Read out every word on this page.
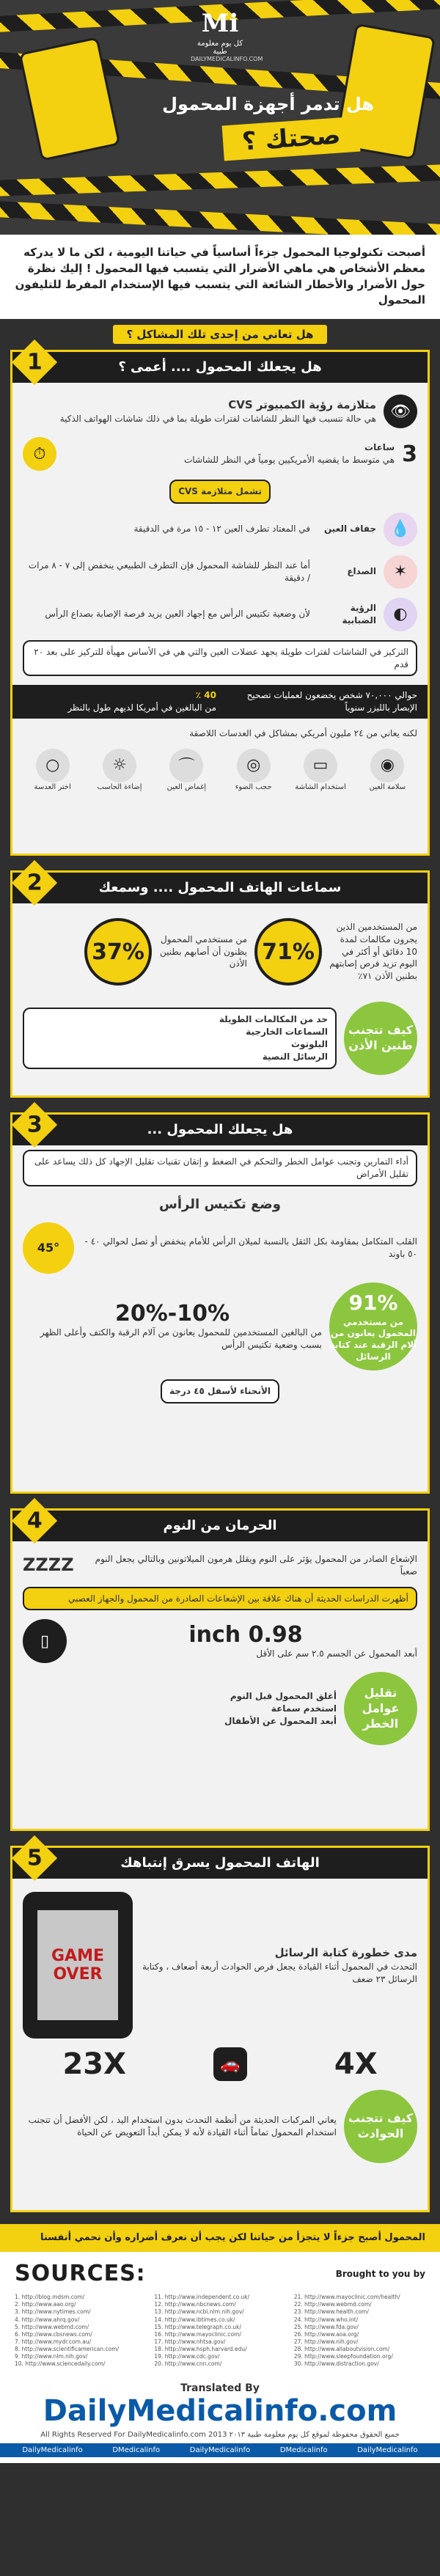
Mi
كل يوم معلومة طبية
DAILYMEDICALINFO.COM
هل تدمر أجهزة المحمول
صحتك ؟
أصبحت تكنولوجيا المحمول جزءاً أساسياً في حياتنا اليومية ، لكن ما لا يدركه معظم الأشخاص هي ماهي الأضرار التي يتسبب فيها المحمول ! إليك نظرة حول الأضرار والأخطار الشائعة التي يتسبب فيها الإستخدام المفرط للتليفون المحمول
هل تعاني من إحدى تلك المشاكل ؟
هل يجعلك المحمول .... أعمى ؟
1
👁
متلازمة رؤية الكمبيوتر CVS
هي حالة تتسبب فيها النظر للشاشات لفترات طويلة بما في ذلك شاشات الهواتف الذكية
3
ساعات
هي متوسط ما يقضيه الأمريكيين يومياً في النظر للشاشات
⏱
تشمل متلازمة CVS
💧
جفاف العين
في المعتاد تطرف العين ١٢ - ١٥ مرة في الدقيقة
✶
الصداع
أما عند النظر للشاشة المحمول فإن التطرف الطبيعي ينخفض إلى ٧ - ٨ مرات / دقيقة
◐
الرؤية الضبابية
لأن وضعية تكتيس الرأس مع إجهاد العين يزيد فرصة الإصابة بصداع الرأس
التركيز في الشاشات لفترات طويلة يجهد عضلات العين والتي هي في الأساس مهيأة للتركيز على بعد ٢٠ قدم
حوالي ٧٠,٠٠٠ شخص يخضعون لعمليات تصحيح الإبصار بالليزر سنوياً
40 ٪
من البالغين في أمريكا لديهم طول بالنظر
لكنه يعاني من ٢٤ مليون أمريكي بمشاكل في العدسات اللاصقة
◉
سلامة العين
▭
استخدام الشاشة
◎
حجب الضوء
⌒
إغماض العين
☼
إضاءة الحاسب
○
اختر العدسة
سماعات الهاتف المحمول .... وسمعك
2
من المستخدمين الذين يجرون مكالمات لمدة 10 دقائق أو أكثر في اليوم تزيد فرص إصابتهم بطنين الأذن ٧١٪
71%
من مستخدمي المحمول يظنون أن أصابهم بطنين الأذن
37%
كيف تتجنب طنين الأذن
حد من المكالمات الطويلة
السماعات الخارجية
البلوتوث
الرسائل النصية
هل يجعلك المحمول ...
3
أداء التمارين وتجنب عوامل الخطر والتحكم في الضغط و إتقان تقنيات تقليل الإجهاد كل ذلك يساعد على تقليل الأمراض
وضع تكتيس الرأس
القلب المتكامل بمقاومة بكل الثقل بالنسبة لميلان الرأس للأمام ينخفض أو تصل لحوالي ٤٠ - ٥٠ باوند
45°
91%
من مستخدمي المحمول يعانون من آلام الرقبة عند كتابة الرسائل
10%-20%
من البالغين المستخدمين للمحمول يعانون من آلام الرقبة والكتف وأعلى الظهر بسبب وضعية تكتيس الرأس
الأنحناء لأسفل ٤٥ درجة
الحرمان من النوم
4
الإشعاع الصادر من المحمول يؤثر على النوم ويقلل هرمون الميلاتونين وبالتالي يجعل النوم صعباً
ZZZZ
أظهرت الدراسات الحديثة أن هناك علاقة بين الإشعاعات الصادرة من المحمول والجهاز العصبي
0.98 inch
أبعد المحمول عن الجسم ٢.٥ سم على الأقل
▯
تقليل عوامل الخطر
أغلق المحمول قبل النوم
استخدم سماعة
أبعد المحمول عن الأطفال
الهاتف المحمول يسرق إنتباهك
5
مدى خطورة كتابة الرسائل
التحدث في المحمول أثناء القيادة يجعل فرص الحوادث أربعة أضعاف ، وكتابة الرسائل ٢٣ ضعف
GAME OVER
4X
🚗
23X
كيف تتجنب الحوادث
يعاني المركبات الحديثة من أنظمة التحدث بدون استخدام اليد ، لكن الأفضل أن تتجنب استخدام المحمول تماماً أثناء القيادة لأنه لا يمكن أبداً التعويض عن الحياة
المحمول أصبح جزءاً لا يتجزأ من حياتنا لكن يجب أن نعرف أضراره وأن نحمي أنفسنا
SOURCES:	Brought to you by
1. http://blog.mdsm.com/
2. http://www.aao.org/
3. http://www.nytimes.com/
4. http://www.ahrq.gov/
5. http://www.webmd.com/
6. http://www.cbsnews.com/
7. http://www.mydr.com.au/
8. http://www.scientificamerican.com/
9. http://www.nlm.nih.gov/
10. http://www.sciencedaily.com/
11. http://www.independent.co.uk/
12. http://www.nbcnews.com/
13. http://www.ncbi.nlm.nih.gov/
14. http://www.ibtimes.co.uk/
15. http://www.telegraph.co.uk/
16. http://www.mayoclinic.com/
17. http://www.nhtsa.gov/
18. http://www.hsph.harvard.edu/
19. http://www.cdc.gov/
20. http://www.cnn.com/
21. http://www.mayoclinic.com/health/
22. http://www.webmd.com/
23. http://www.health.com/
24. http://www.who.int/
25. http://www.fda.gov/
26. http://www.aoa.org/
27. http://www.nih.gov/
28. http://www.allaboutvision.com/
29. http://www.sleepfoundation.org/
30. http://www.distraction.gov/
Translated By
DailyMedicalinfo.com
All Rights Reserved For DailyMedicalinfo.com 2013 جميع الحقوق محفوظة لموقع كل يوم معلومة طبية ٢٠١٣
DailyMedicalinfo	DMedicalinfo	DailyMedicalinfo	DMedicalinfo	DailyMedicalinfo
